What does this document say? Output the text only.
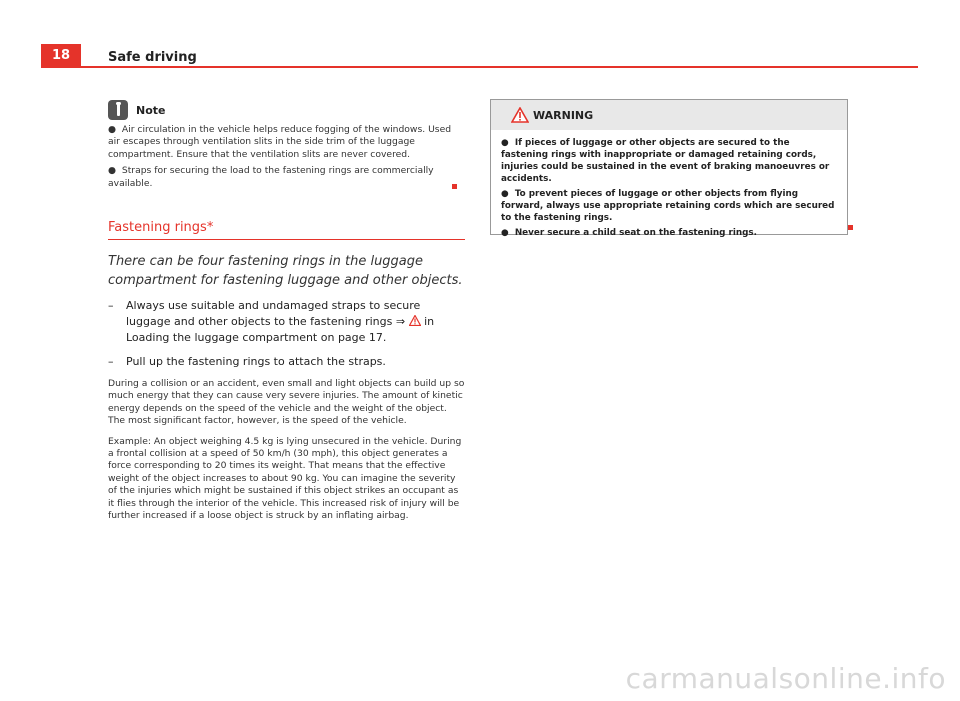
18	Safe driving
Note
●  Air circulation in the vehicle helps reduce fogging of the windows. Used air escapes through ventilation slits in the side trim of the luggage compartment. Ensure that the ventilation slits are never covered.
●  Straps for securing the load to the fastening rings are commercially available.
Fastening rings*
There can be four fastening rings in the luggage compartment for fastening luggage and other objects.
– Always use suitable and undamaged straps to secure luggage and other objects to the fastening rings ⇒  in Loading the luggage compartment on page 17.
– Pull up the fastening rings to attach the straps.
During a collision or an accident, even small and light objects can build up so much energy that they can cause very severe injuries. The amount of kinetic energy depends on the speed of the vehicle and the weight of the object. The most significant factor, however, is the speed of the vehicle.
Example: An object weighing 4.5 kg is lying unsecured in the vehicle. During a frontal collision at a speed of 50 km/h (30 mph), this object generates a force corresponding to 20 times its weight. That means that the effective weight of the object increases to about 90 kg. You can imagine the severity of the injuries which might be sustained if this object strikes an occupant as it flies through the interior of the vehicle. This increased risk of injury will be further increased if a loose object is struck by an inflating airbag.
WARNING
●  If pieces of luggage or other objects are secured to the fastening rings with inappropriate or damaged retaining cords, injuries could be sustained in the event of braking manoeuvres or accidents.
●  To prevent pieces of luggage or other objects from flying forward, always use appropriate retaining cords which are secured to the fastening rings.
●  Never secure a child seat on the fastening rings.
carmanualsonline.info
